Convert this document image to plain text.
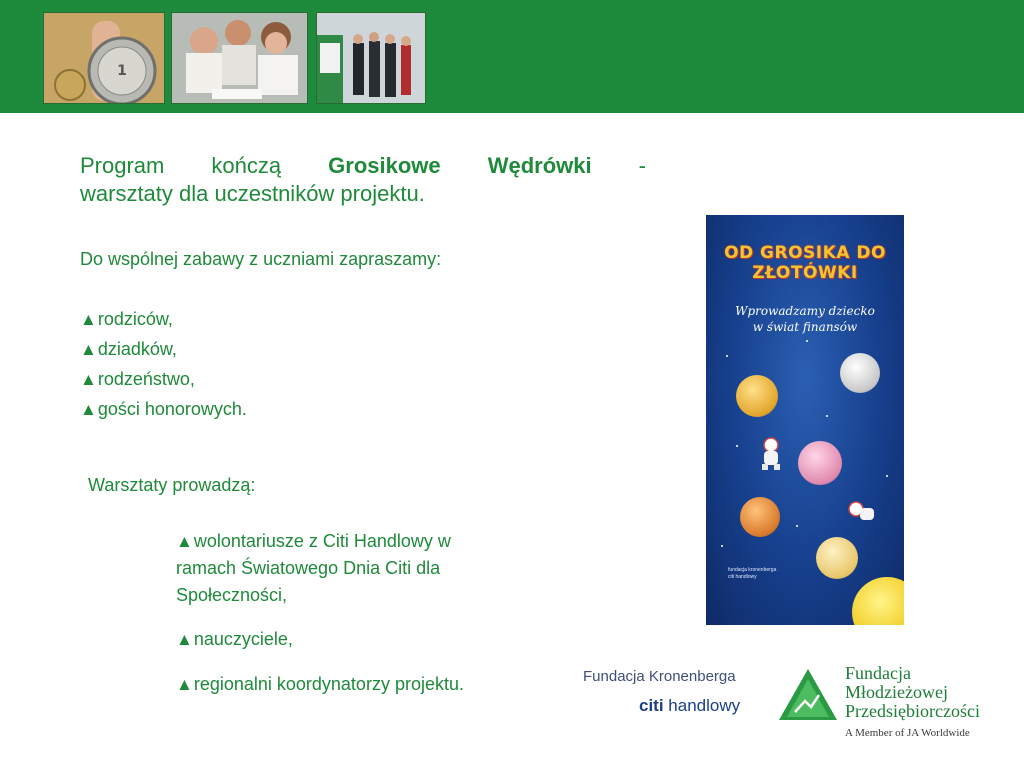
1
Program kończą Grosikowe Wędrówki -
warsztaty dla uczestników projektu.
Do wspólnej zabawy z uczniami zapraszamy:
▲rodziców,
▲dziadków,
▲rodzeństwo,
▲gości honorowych.
Warsztaty prowadzą:
▲wolontariusze z Citi Handlowy w
ramach Światowego Dnia Citi dla
Społeczności,
▲nauczyciele,
▲regionalni koordynatorzy projektu.
OD GROSIKA DO
ZŁOTÓWKI
Wprowadzamy dziecko
w świat finansów
fundacja kronenberga
citi handlowy
Fundacja Kronenberga
citi handlowy
Fundacja
Młodzieżowej
Przedsiębiorczości
A Member of JA Worldwide
